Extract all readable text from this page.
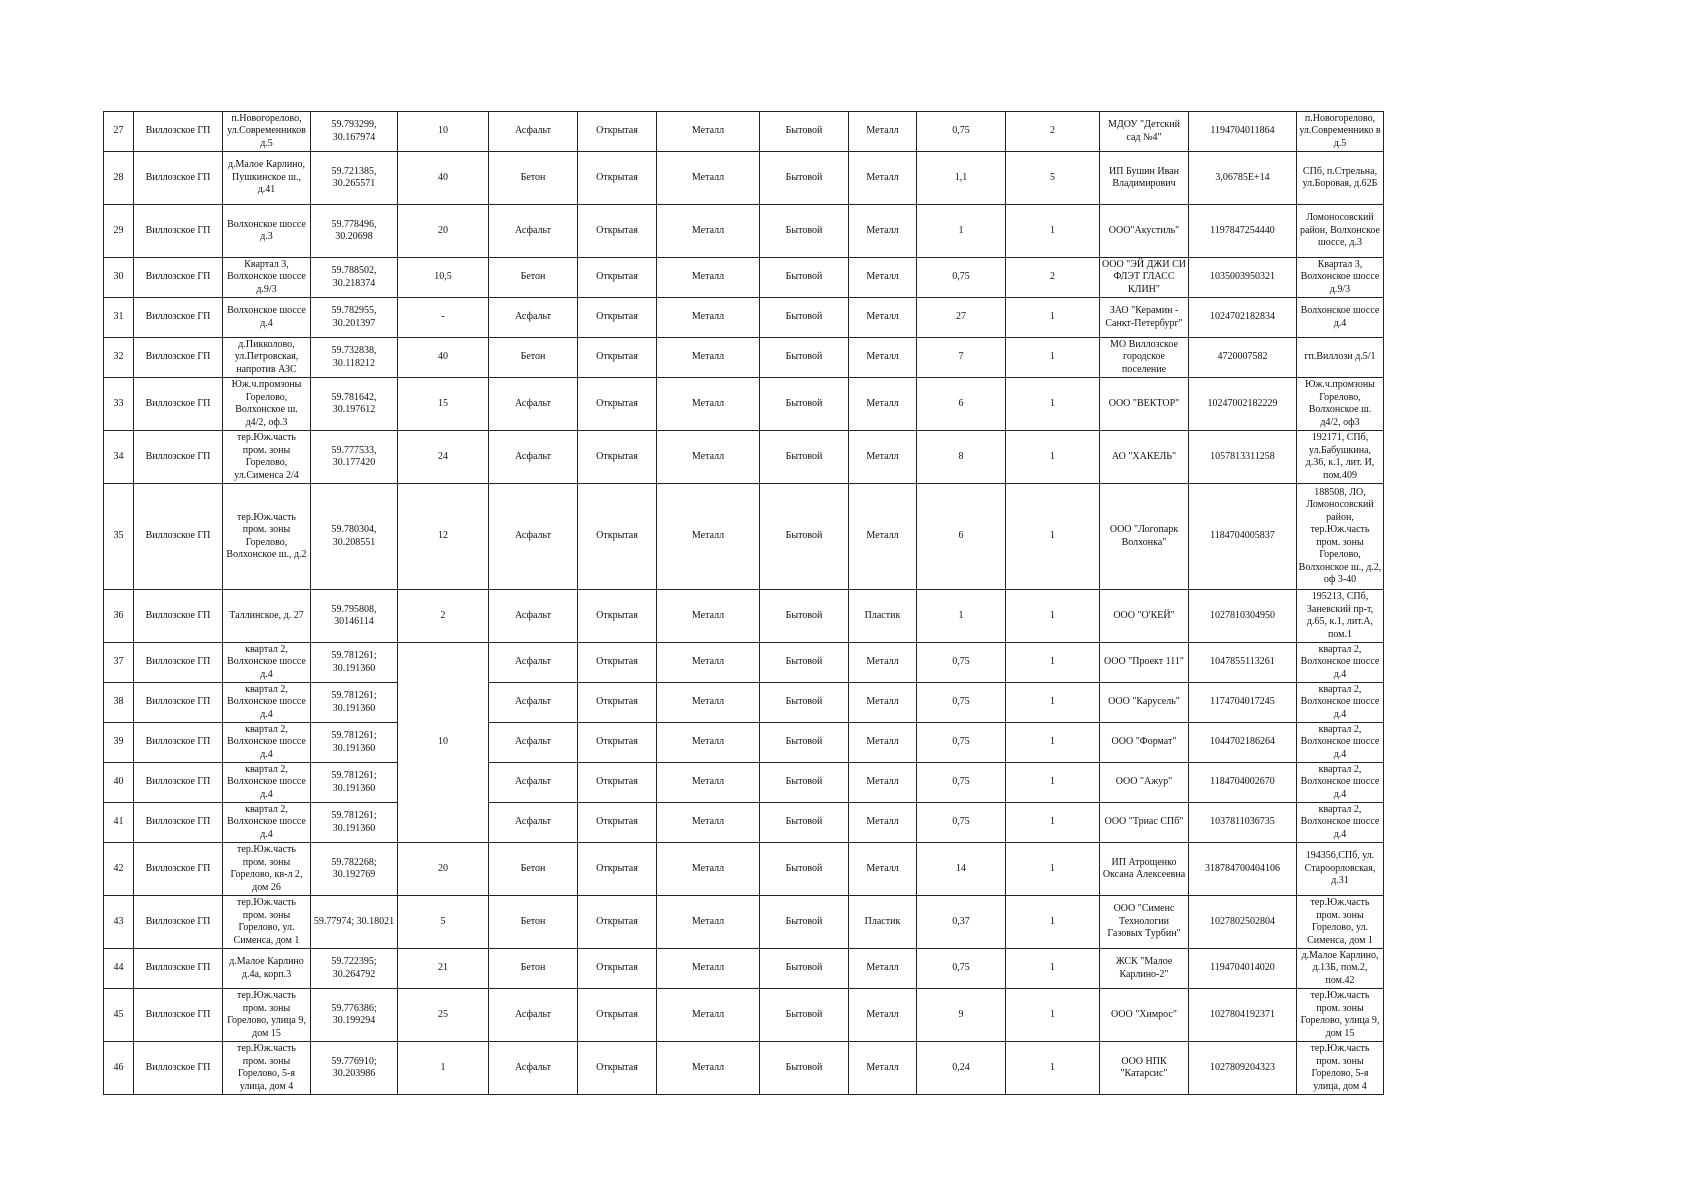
27	Виллозское ГП	п.Новогорелово, ул.Современников д.5	59.793299, 30.167974	10	Асфальт	Открытая	Металл	Бытовой	Металл	0,75	2	МДОУ "Детский сад №4"	1194704011864	п.Новогорелово, ул.Современнико в д.5
28	Виллозское ГП	д.Малое Карлино, Пушкинское ш., д.41	59.721385, 30.265571	40	Бетон	Открытая	Металл	Бытовой	Металл	1,1	5	ИП Бушин Иван Владимирович	3,06785E+14	СПб, п.Стрельна, ул.Боровая, д.62Б
29	Виллозское ГП	Волхонское шоссе д.3	59.778496, 30.20698	20	Асфальт	Открытая	Металл	Бытовой	Металл	1	1	ООО"Акустиль"	1197847254440	Ломоносовский район, Волхонское шоссе, д.3
30	Виллозское ГП	Квартал 3, Волхонское шоссе д.9/3	59.788502, 30.218374	10,5	Бетон	Открытая	Металл	Бытовой	Металл	0,75	2	ООО "ЭЙ ДЖИ СИ ФЛЭТ ГЛАСС КЛИН"	1035003950321	Квартал 3, Волхонское шоссе д.9/3
31	Виллозское ГП	Волхонское шоссе д.4	59.782955, 30.201397	-	Асфальт	Открытая	Металл	Бытовой	Металл	27	1	ЗАО "Керамин - Санкт-Петербург"	1024702182834	Волхонское шоссе д.4
32	Виллозское ГП	д.Пикколово, ул.Петровская, напротив АЗС	59.732838, 30.118212	40	Бетон	Открытая	Металл	Бытовой	Металл	7	1	МО Виллозское городское поселение	4720007582	гп.Виллози д.5/1
33	Виллозское ГП	Юж.ч.промзоны Горелово, Волхонское ш. д4/2, оф.3	59.781642, 30.197612	15	Асфальт	Открытая	Металл	Бытовой	Металл	6	1	ООО "ВЕКТОР"	10247002182229	Юж.ч.промзоны Горелово, Волхонское ш. д4/2, оф3
34	Виллозское ГП	тер.Юж.часть пром. зоны Горелово, ул.Сименса 2/4	59.777533, 30.177420	24	Асфальт	Открытая	Металл	Бытовой	Металл	8	1	АО "ХАКЕЛЬ"	1057813311258	192171, СПб, ул.Бабушкина, д.36, к.1, лит. И, пом.409
35	Виллозское ГП	тер.Юж.часть пром. зоны Горелово, Волхонское ш., д.2	59.780304, 30.208551	12	Асфальт	Открытая	Металл	Бытовой	Металл	6	1	ООО "Логопарк Волхонка"	1184704005837	188508, ЛО, Ломоносовский район, тер.Юж.часть пром. зоны Горелово, Волхонское ш., д.2, оф 3-40
36	Виллозское ГП	Таллинское, д. 27	59.795808, 30146114	2	Асфальт	Открытая	Металл	Бытовой	Пластик	1	1	ООО "О'КЕЙ"	1027810304950	195213, СПб, Заневский пр-т, д.65, к.1, лит.А, пом.1
37	Виллозское ГП	квартал 2, Волхонское шоссе д.4	59.781261; 30.191360	10	Асфальт	Открытая	Металл	Бытовой	Металл	0,75	1	ООО "Проект 111"	1047855113261	квартал 2, Волхонское шоссе д.4
38	Виллозское ГП	квартал 2, Волхонское шоссе д.4	59.781261; 30.191360		Асфальт	Открытая	Металл	Бытовой	Металл	0,75	1	ООО "Карусель"	1174704017245	квартал 2, Волхонское шоссе д.4
39	Виллозское ГП	квартал 2, Волхонское шоссе д.4	59.781261; 30.191360		Асфальт	Открытая	Металл	Бытовой	Металл	0,75	1	ООО "Формат"	1044702186264	квартал 2, Волхонское шоссе д.4
40	Виллозское ГП	квартал 2, Волхонское шоссе д.4	59.781261; 30.191360		Асфальт	Открытая	Металл	Бытовой	Металл	0,75	1	ООО "Ажур"	1184704002670	квартал 2, Волхонское шоссе д.4
41	Виллозское ГП	квартал 2, Волхонское шоссе д.4	59.781261; 30.191360		Асфальт	Открытая	Металл	Бытовой	Металл	0,75	1	ООО "Триас СПб"	1037811036735	квартал 2, Волхонское шоссе д.4
42	Виллозское ГП	тер.Юж.часть пром. зоны Горелово, кв-л 2, дом 26	59.782268; 30.192769	20	Бетон	Открытая	Металл	Бытовой	Металл	14	1	ИП Атрощенко Оксана Алексеевна	318784700404106	194356,СПб, ул. Староорловская, д.31
43	Виллозское ГП	тер.Юж.часть пром. зоны Горелово, ул. Сименса, дом 1	59.77974; 30.18021	5	Бетон	Открытая	Металл	Бытовой	Пластик	0,37	1	ООО "Сименс Технологии Газовых Турбин"	1027802502804	тер.Юж.часть пром. зоны Горелово, ул. Сименса, дом 1
44	Виллозское ГП	д.Малое Карлино д.4а, корп.3	59.722395; 30.264792	21	Бетон	Открытая	Металл	Бытовой	Металл	0,75	1	ЖСК "Малое Карлино-2"	1194704014020	д.Малое Карлино, д.13Б, пом.2, пом.42
45	Виллозское ГП	тер.Юж.часть пром. зоны Горелово, улица 9, дом 15	59.776386; 30.199294	25	Асфальт	Открытая	Металл	Бытовой	Металл	9	1	ООО "Химрос"	1027804192371	тер.Юж.часть пром. зоны Горелово, улица 9, дом 15
46	Виллозское ГП	тер.Юж.часть пром. зоны Горелово, 5-я улица, дом 4	59.776910; 30.203986	1	Асфальт	Открытая	Металл	Бытовой	Металл	0,24	1	ООО НПК "Катарсис"	1027809204323	тер.Юж.часть пром. зоны Горелово, 5-я улица, дом 4
